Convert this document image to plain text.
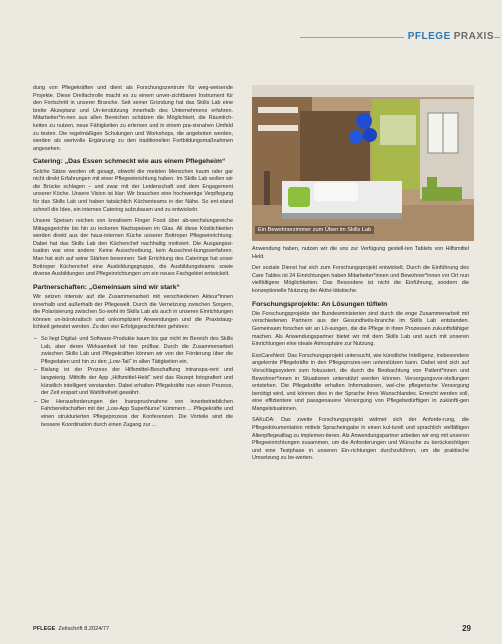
PFLEGE PRAXIS

dung von Pflegekräften und dient als Forschungszentrum für weg-weisende Projekte. Diese Dreifachrolle macht es zu einem unver-zichtbaren Instrument für den Fortschritt in unserer Branche. Seit seiner Gründung hat das Skills Lab eine breite Akzeptanz und Un-terstützung innerhalb des Unternehmens erfahren. Mitarbeiter*in-nen aus allen Bereichen schätzen die Möglichkeit, die Räumlich-keiten zu nutzen, neue Fähigkeiten zu erlernen und in einem pra-xisnahen Umfeld zu testen. Die regelmäßigen Schulungen und Workshops, die angeboten werden, werden als wertvolle Ergänzung zu den traditionellen Fortbildungsmaßnahmen angesehen.

Catering: „Das Essen schmeckt wie aus einem Pflegeheim“

Solche Sätze werden oft gesagt, obwohl die meisten Menschen kaum oder gar nicht direkt Erfahrungen mit einer Pflegeeinrichtung haben. Im Skills Lab wollen wir die Brücke schlagen – und zwar mit der Leidenschaft und dem Engagement unserer Köche. Unsere Vision ist klar: Wir brauchen eine hochwertige Verpflegung für das Skills Lab und haben tatsächlich Küchenteams in der Nähe. So ent-stand schnell die Idee, ein internes Catering aufzubauen und zu entwickeln.

Unsere Speisen reichen von kreativem Finger Food über ab-wechslungsreiche Mittagsgerichte bis hin zu leckeren Nachspeisen im Glas. All diese Köstlichkeiten werden direkt aus der haus-internen Küche unserer Bottroper Pflegeeinrichtung. Dabei hat das Skills Lab den Küchenchef nachhaltig motiviert. Die Ausgangssi-tuation war eine andere: Keine Ausschreibung, kein Ausschrei-bungsverfahren. Man hat sich auf seine Stärken besonnen: Seit Errichtung des Caterings hat unser Bottroper Küchenchef eine Ausbildungsgruppe, die Ausbildungsteams sowie diverse Ausbildungen und Pflegeinrichtungen um ein neues Fachgebiet entwickelt.

Partnerschaften: „Gemeinsam sind wir stark“

Wir setzen intensiv auf die Zusammenarbeit mit verschiedenen Akteur*innen innerhalb und außerhalb der Pflegewelt. Durch die Vernetzung zwischen Sorgern, die Polarisierung zwischen So-wohl im Skills Lab als auch in unseren Einrichtungen können un-bürokratisch und unkompliziert Anwendungen und die Praxistaug-lichkeit getestet werden. Zu den vier Erfolgsgeschichten gehören:

– So liegt Digital- und Software-Produkte kaum bis gar nicht im Bereich des Skills Lab, aber deren Wirksamkeit ist hier prüfbar. Durch die Zusammenarbeit zwischen Skills Lab und Pflegekräften können wir von der Förderung über die Pflegedaten und hin zu den „Low-Tail“ in allen Tätigkeiten ein.
– Bislang ist der Prozess der Hilfsmittel-Beschaffung intranspa-rent und langwierig. Mithilfe der App „Hilfsmittel-Held“ wird das Rezept fotografiert und künstlich intelligent verstanden. Dabei erhalten Pflegekräfte nun einen Prozess, der Zeit erspart und Wahlfreiheit gewährt.
– Die Herausforderungen der Inanspruchnahme von innerbetrieblichen Fahrbereitschaften mit der „Low-App SuperNurse“ kümmern ... Pflegekräfte und einen strukturierten Pflegeprozess der Konferenzen. Die Vorteile sind die bessere Koordination durch einen Zugang zur ...
Ein Bewohnerzimmer zum Üben im Skills Lab

Anwendung haben, nutzen wir die uns zur Verfügung gestell-ten Tablets von Hilfsmittel Held.

Der soziale Dienst hat sich zum Forschungsprojekt entwickelt. Durch die Einführung des Care Tables ist 24 Einrichtungen haben Mitarbeiter*innen und Bewohner*innen vor Ort nun vielfältigere Möglichkeiten. Das Besondere ist nicht die Einführung, sondern die konzeptionelle Nutzung der Aktivi-tätstische.

Forschungsprojekte: An Lösungen tüfteln

Die Forschungsprojekte der Bundesministerien sind durch die enge Zusammenarbeit mit verschiedenen Partnern aus der Gesundheits-branche im Skills Lab entstanden. Gemeinsam forschen wir an Lö-sungen, die die Pflege in ihren Prozessen zukunftsfähiger machen. Als Anwendungspartner bietet wir mit dem Skills Lab und auch mit unseren Einrichtungen eine ideale Atmosphäre zur Nutzung.

ExoCareNext: Das Forschungsprojekt untersucht, wie künstliche Intelligenz, insbesondere angelernte Pflegekräfte in den Pflegeprozes-sen unterstützen kann. Dabei wird sich auf Vorschlagssystem zum fokussiert, die durch die Beobachtung von Patient*innen und Bewohner*innen in Situationen unterstützt werden können. Versorgungsvor-stellungen entstehen. Die Pflegekräfte erhalten Informationen, wel-che pflegerische Versorgung benötigt wird, und können dies in der Sprache ihres Wunschlandes. Erreicht werden soll, eine effizientere und passgenauere Versorgung von Pflegebedürftigen in zukünfti-gen Mangelsituationen.

SAKuDA: Das zweite Forschungsprojekt widmet sich der Anforde-rung, die Pflegedokumentation mittels Spracheingabe in einen kul-turell und sprachlich vielfältigen Altenpflegealltag zu implemen-tieren. Als Anwendungspartner arbeiten wir eng mit unseren Pflegeeinrichtungen zusammen, um die Anforderungen und Wünsche zu berücksichtigen und eine Testphase in unseren Ein-richtungen durchzuführen, um die praktische Umsetzung zu be-werten.

PFLEGE Zeitschrift 8.2024/77	29
